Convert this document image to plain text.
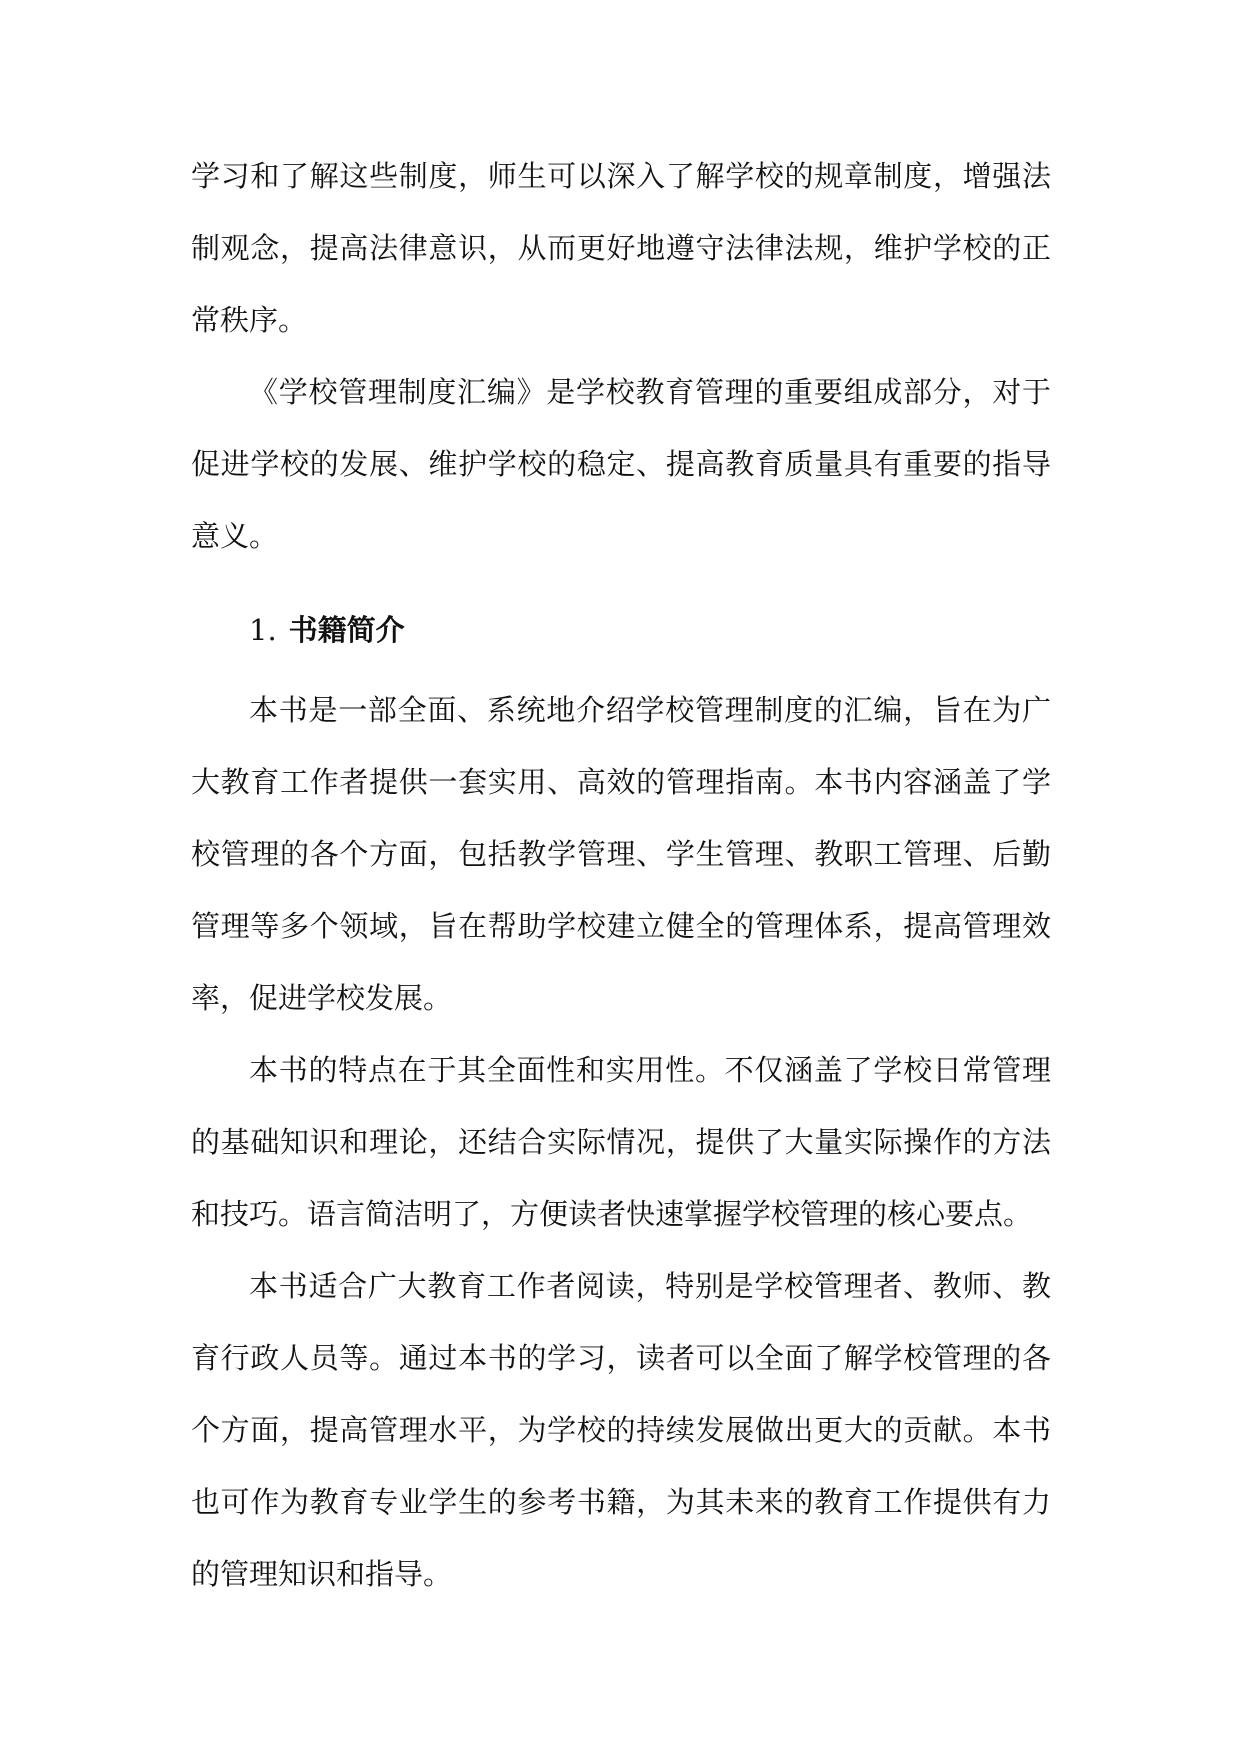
学习和了解这些制度，师生可以深入了解学校的规章制度，增强法制观念，提高法律意识，从而更好地遵守法律法规，维护学校的正常秩序。

《学校管理制度汇编》是学校教育管理的重要组成部分，对于促进学校的发展、维护学校的稳定、提高教育质量具有重要的指导意义。

1. 书籍简介

本书是一部全面、系统地介绍学校管理制度的汇编，旨在为广大教育工作者提供一套实用、高效的管理指南。本书内容涵盖了学校管理的各个方面，包括教学管理、学生管理、教职工管理、后勤管理等多个领域，旨在帮助学校建立健全的管理体系，提高管理效率，促进学校发展。

本书的特点在于其全面性和实用性。不仅涵盖了学校日常管理的基础知识和理论，还结合实际情况，提供了大量实际操作的方法和技巧。语言简洁明了，方便读者快速掌握学校管理的核心要点。

本书适合广大教育工作者阅读，特别是学校管理者、教师、教育行政人员等。通过本书的学习，读者可以全面了解学校管理的各个方面，提高管理水平，为学校的持续发展做出更大的贡献。本书也可作为教育专业学生的参考书籍，为其未来的教育工作提供有力的管理知识和指导。
